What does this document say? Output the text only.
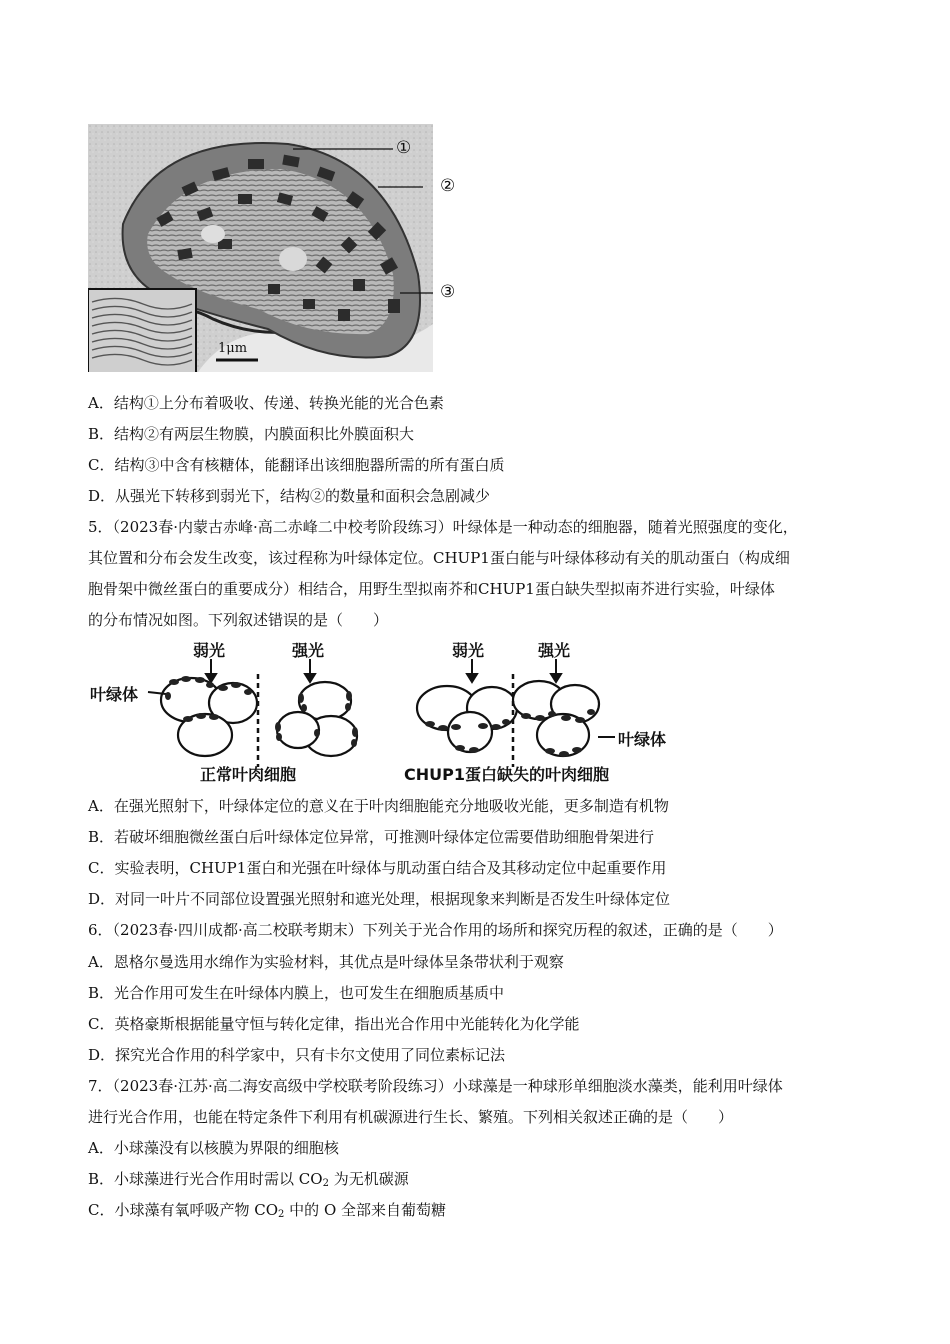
1μm
①
②
③
A．结构①上分布着吸收、传递、转换光能的光合色素
B．结构②有两层生物膜，内膜面积比外膜面积大
C．结构③中含有核糖体，能翻译出该细胞器所需的所有蛋白质
D．从强光下转移到弱光下，结构②的数量和面积会急剧减少
5．（2023春·内蒙古赤峰·高二赤峰二中校考阶段练习）叶绿体是一种动态的细胞器，随着光照强度的变化，
其位置和分布会发生改变，该过程称为叶绿体定位。CHUP1蛋白能与叶绿体移动有关的肌动蛋白（构成细
胞骨架中微丝蛋白的重要成分）相结合，用野生型拟南芥和CHUP1蛋白缺失型拟南芥进行实验，叶绿体
的分布情况如图。下列叙述错误的是（　　）
弱光	强光
叶绿体
正常叶肉细胞
弱光	强光
叶绿体
CHUP1蛋白缺失的叶肉细胞
A．在强光照射下，叶绿体定位的意义在于叶肉细胞能充分地吸收光能，更多制造有机物
B．若破坏细胞微丝蛋白后叶绿体定位异常，可推测叶绿体定位需要借助细胞骨架进行
C．实验表明，CHUP1蛋白和光强在叶绿体与肌动蛋白结合及其移动定位中起重要作用
D．对同一叶片不同部位设置强光照射和遮光处理，根据现象来判断是否发生叶绿体定位
6．（2023春·四川成都·高二校联考期末）下列关于光合作用的场所和探究历程的叙述，正确的是（　　）
A．恩格尔曼选用水绵作为实验材料，其优点是叶绿体呈条带状利于观察
B．光合作用可发生在叶绿体内膜上，也可发生在细胞质基质中
C．英格豪斯根据能量守恒与转化定律，指出光合作用中光能转化为化学能
D．探究光合作用的科学家中，只有卡尔文使用了同位素标记法
7．（2023春·江苏·高二海安高级中学校联考阶段练习）小球藻是一种球形单细胞淡水藻类，能利用叶绿体
进行光合作用，也能在特定条件下利用有机碳源进行生长、繁殖。下列相关叙述正确的是（　　）
A．小球藻没有以核膜为界限的细胞核
B．小球藻进行光合作用时需以 $CO_2$ 为无机碳源
C．小球藻有氧呼吸产物 $CO_2$ 中的 O 全部来自葡萄糖
